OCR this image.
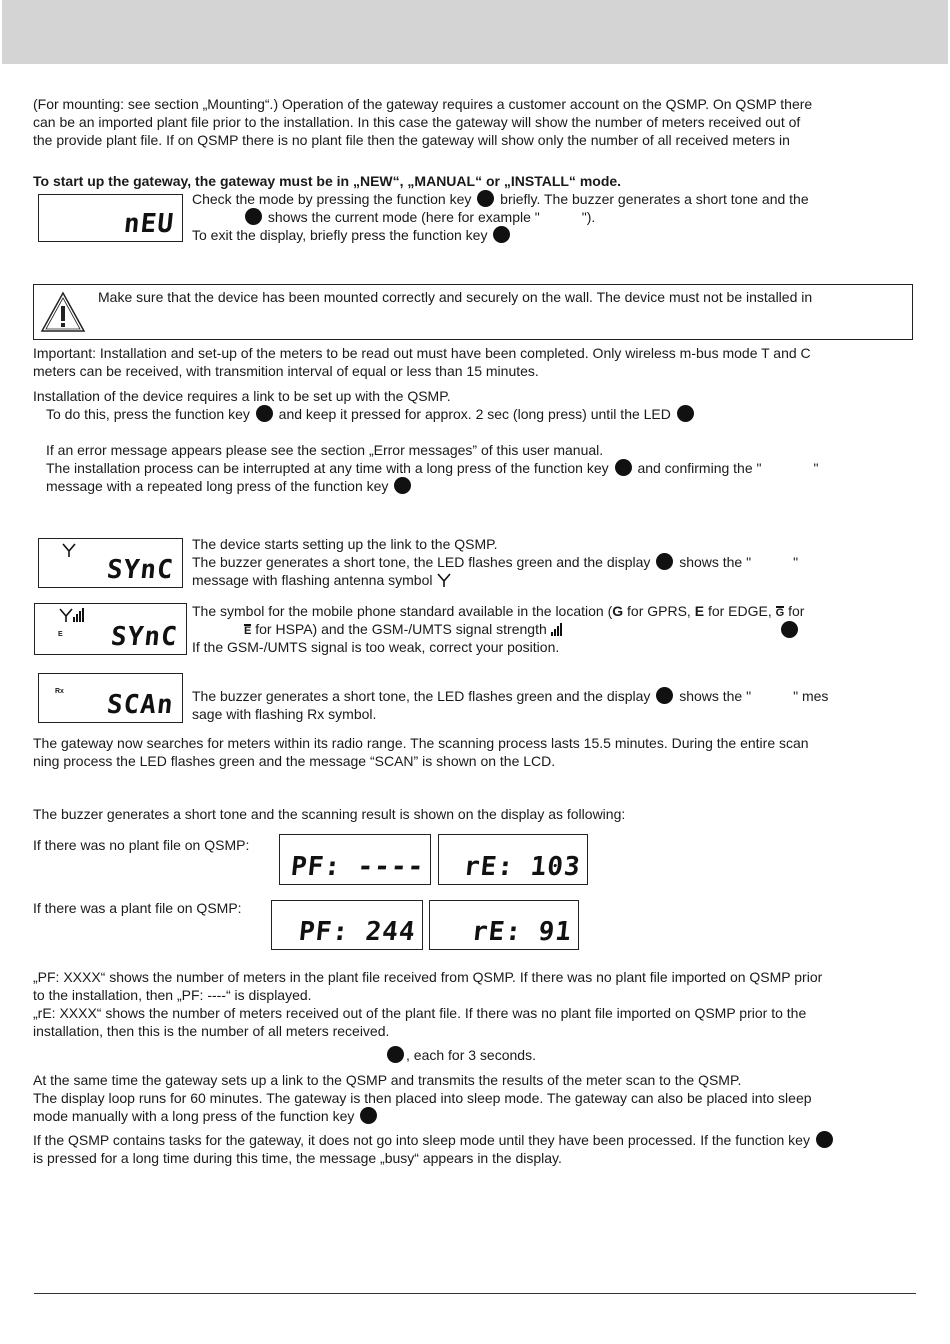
(For mounting: see section „Mounting“.) Operation of the gateway requires a customer account on the QSMP. On QSMP there
can be an imported plant file prior to the installation. In this case the gateway will show the number of meters received out of
the provide plant file. If on QSMP there is no plant file then the gateway will show only the number of all received meters in
To start up the gateway, the gateway must be in „NEW“, „MANUAL“ or „INSTALL“ mode.
nEU
Check the mode by pressing the function key briefly. The buzzer generates a short tone and the
shows the current mode (here for example "	").
To exit the display, briefly press the function key
Make sure that the device has been mounted correctly and securely on the wall. The device must not be installed in
Important: Installation and set-up of the meters to be read out must have been completed. Only wireless m-bus mode T and C
meters can be received, with transmition interval of equal or less than 15 minutes.
Installation of the device requires a link to be set up with the QSMP.
To do this, press the function key and keep it pressed for approx. 2 sec (long press) until the LED
If an error message appears please see the section „Error messages” of this user manual.
The installation process can be interrupted at any time with a long press of the function key and confirming the "	"
message with a repeated long press of the function key
SYnC
The device starts setting up the link to the QSMP.
The buzzer generates a short tone, the LED flashes green and the display shows the "	"
message with flashing antenna symbol
E SYnC
The symbol for the mobile phone standard available in the location (G for GPRS, E for EDGE, G for
E for HSPA) and the GSM-/UMTS signal strength
If the GSM-/UMTS signal is too weak, correct your position.
Rx SCAn The buzzer generates a short tone, the LED flashes green and the display shows the "	" mes
sage with flashing Rx symbol.
The gateway now searches for meters within its radio range. The scanning process lasts 15.5 minutes. During the entire scan
ning process the LED flashes green and the message “SCAN” is shown on the LCD.
The buzzer generates a short tone and the scanning result is shown on the display as following:
If there was no plant file on QSMP:
PF: ---- rE: 103
If there was a plant file on QSMP:
PF: 244 rE: 91
„PF: XXXX“ shows the number of meters in the plant file received from QSMP. If there was no plant file imported on QSMP prior
to the installation, then „PF: ----“ is displayed.
„rE: XXXX“ shows the number of meters received out of the plant file. If there was no plant file imported on QSMP prior to the
installation, then this is the number of all meters received.
, each for 3 seconds.
At the same time the gateway sets up a link to the QSMP and transmits the results of the meter scan to the QSMP.
The display loop runs for 60 minutes. The gateway is then placed into sleep mode. The gateway can also be placed into sleep
mode manually with a long press of the function key
If the QSMP contains tasks for the gateway, it does not go into sleep mode until they have been processed. If the function key
is pressed for a long time during this time, the message „busy“ appears in the display.
